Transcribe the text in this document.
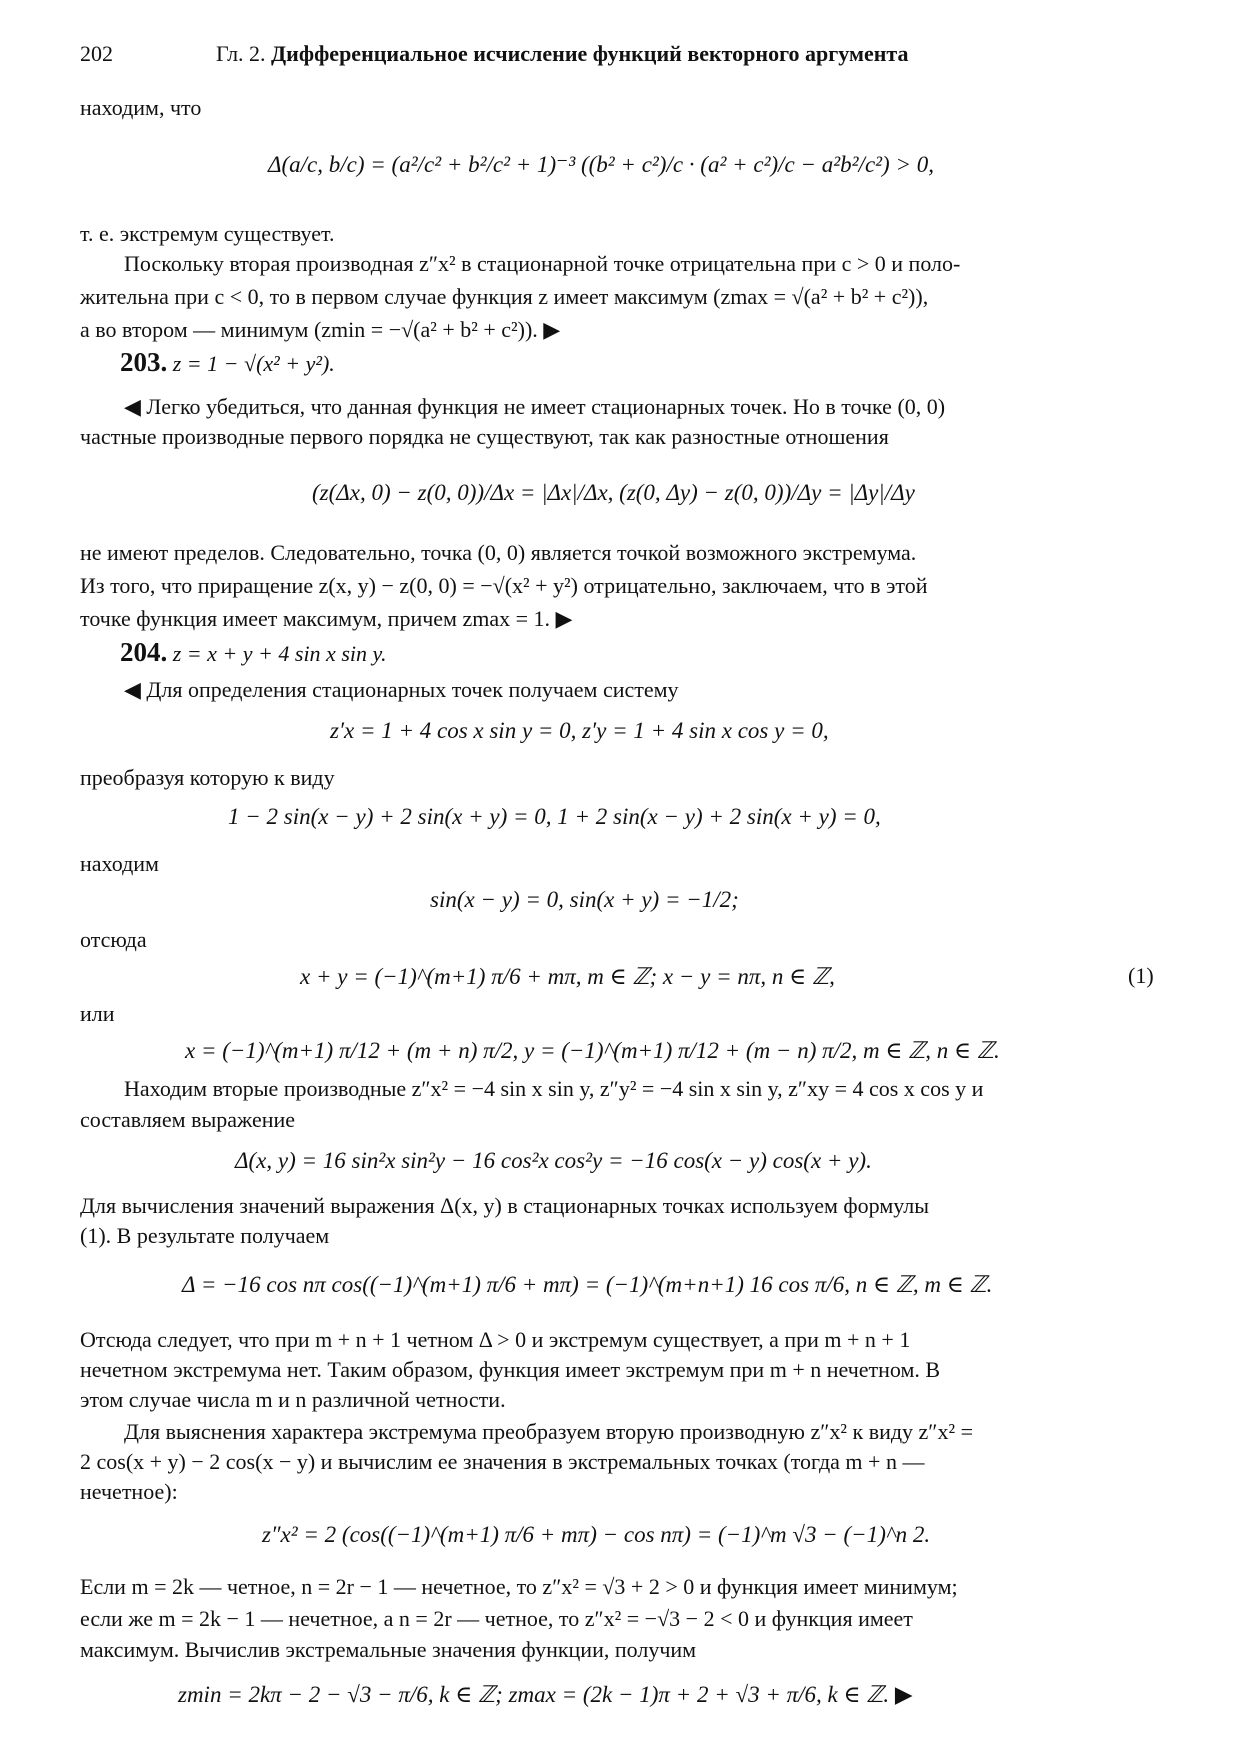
202	Гл. 2. Дифференциальное исчисление функций векторного аргумента
находим, что
Δ(a/c, b/c) = (a²/c² + b²/c² + 1)⁻³ ((b² + c²)/c · (a² + c²)/c − a²b²/c²) > 0,
т. е. экстремум существует.
Поскольку вторая производная z″x² в стационарной точке отрицательна при c > 0 и поло-
жительна при c < 0, то в первом случае функция z имеет максимум (zmax = √(a² + b² + c²)),
а во втором — минимум (zmin = −√(a² + b² + c²)). ▶
203. z = 1 − √(x² + y²).
◀ Легко убедиться, что данная функция не имеет стационарных точек. Но в точке (0, 0)
частные производные первого порядка не существуют, так как разностные отношения
(z(Δx, 0) − z(0, 0))/Δx = |Δx|/Δx, (z(0, Δy) − z(0, 0))/Δy = |Δy|/Δy
не имеют пределов. Следовательно, точка (0, 0) является точкой возможного экстремума.
Из того, что приращение z(x, y) − z(0, 0) = −√(x² + y²) отрицательно, заключаем, что в этой
точке функция имеет максимум, причем zmax = 1. ▶
204. z = x + y + 4 sin x sin y.
◀ Для определения стационарных точек получаем систему
z′x = 1 + 4 cos x sin y = 0, z′y = 1 + 4 sin x cos y = 0,
преобразуя которую к виду
1 − 2 sin(x − y) + 2 sin(x + y) = 0, 1 + 2 sin(x − y) + 2 sin(x + y) = 0,
находим
sin(x − y) = 0, sin(x + y) = −1/2;
отсюда
x + y = (−1)^(m+1) π/6 + mπ, m ∈ ℤ; x − y = nπ, n ∈ ℤ,	(1)
или
x = (−1)^(m+1) π/12 + (m + n) π/2, y = (−1)^(m+1) π/12 + (m − n) π/2, m ∈ ℤ, n ∈ ℤ.
Находим вторые производные z″x² = −4 sin x sin y, z″y² = −4 sin x sin y, z″xy = 4 cos x cos y и
составляем выражение
Δ(x, y) = 16 sin²x sin²y − 16 cos²x cos²y = −16 cos(x − y) cos(x + y).
Для вычисления значений выражения Δ(x, y) в стационарных точках используем формулы
(1). В результате получаем
Δ = −16 cos nπ cos((−1)^(m+1) π/6 + mπ) = (−1)^(m+n+1) 16 cos π/6, n ∈ ℤ, m ∈ ℤ.
Отсюда следует, что при m + n + 1 четном Δ > 0 и экстремум существует, а при m + n + 1
нечетном экстремума нет. Таким образом, функция имеет экстремум при m + n нечетном. В
этом случае числа m и n различной четности.
Для выяснения характера экстремума преобразуем вторую производную z″x² к виду z″x² =
2 cos(x + y) − 2 cos(x − y) и вычислим ее значения в экстремальных точках (тогда m + n —
нечетное):
z″x² = 2 (cos((−1)^(m+1) π/6 + mπ) − cos nπ) = (−1)^m √3 − (−1)^n 2.
Если m = 2k — четное, n = 2r − 1 — нечетное, то z″x² = √3 + 2 > 0 и функция имеет минимум;
если же m = 2k − 1 — нечетное, а n = 2r — четное, то z″x² = −√3 − 2 < 0 и функция имеет
максимум. Вычислив экстремальные значения функции, получим
zmin = 2kπ − 2 − √3 − π/6, k ∈ ℤ; zmax = (2k − 1)π + 2 + √3 + π/6, k ∈ ℤ. ▶
